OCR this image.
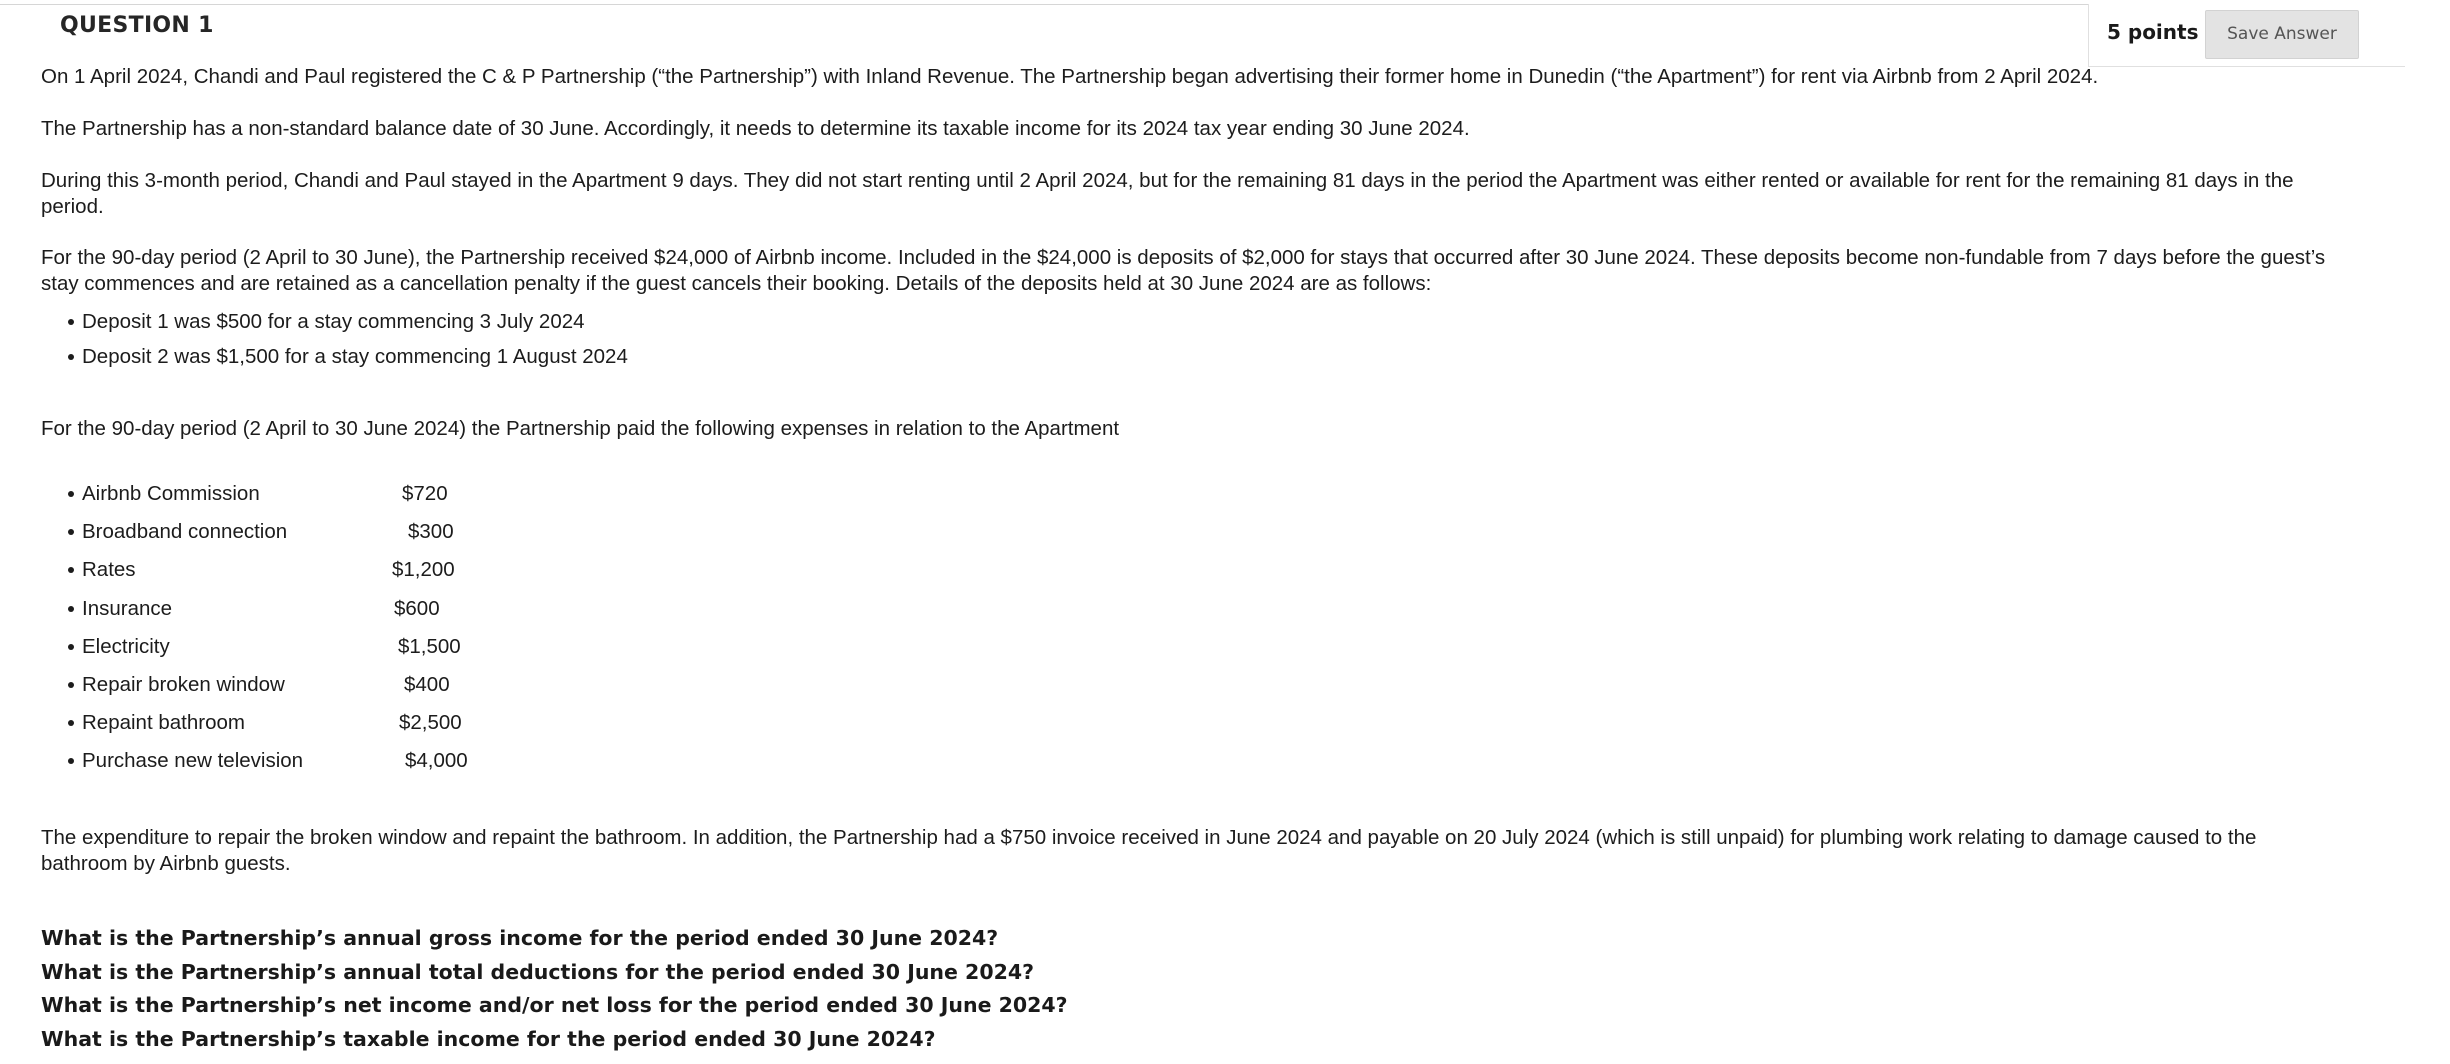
QUESTION 1	5 points	Save Answer
On 1 April 2024, Chandi and Paul registered the C & P Partnership (“the Partnership”) with Inland Revenue. The Partnership began advertising their former home in Dunedin (“the Apartment”) for rent via Airbnb from 2 April 2024.
The Partnership has a non-standard balance date of 30 June. Accordingly, it needs to determine its taxable income for its 2024 tax year ending 30 June 2024.
During this 3-month period, Chandi and Paul stayed in the Apartment 9 days. They did not start renting until 2 April 2024, but for the remaining 81 days in the period the Apartment was either rented or available for rent for the remaining 81 days in the period.
For the 90-day period (2 April to 30 June), the Partnership received $24,000 of Airbnb income. Included in the $24,000 is deposits of $2,000 for stays that occurred after 30 June 2024. These deposits become non-fundable from 7 days before the guest’s stay commences and are retained as a cancellation penalty if the guest cancels their booking. Details of the deposits held at 30 June 2024 are as follows:
Deposit 1 was $500 for a stay commencing 3 July 2024
Deposit 2 was $1,500 for a stay commencing 1 August 2024
For the 90-day period (2 April to 30 June 2024) the Partnership paid the following expenses in relation to the Apartment
Airbnb Commission	$720
Broadband connection	$300
Rates	$1,200
Insurance	$600
Electricity	$1,500
Repair broken window	$400
Repaint bathroom	$2,500
Purchase new television	$4,000
The expenditure to repair the broken window and repaint the bathroom. In addition, the Partnership had a $750 invoice received in June 2024 and payable on 20 July 2024 (which is still unpaid) for plumbing work relating to damage caused to the bathroom by Airbnb guests.
What is the Partnership’s annual gross income for the period ended 30 June 2024?
What is the Partnership’s annual total deductions for the period ended 30 June 2024?
What is the Partnership’s net income and/or net loss for the period ended 30 June 2024?
What is the Partnership’s taxable income for the period ended 30 June 2024?
